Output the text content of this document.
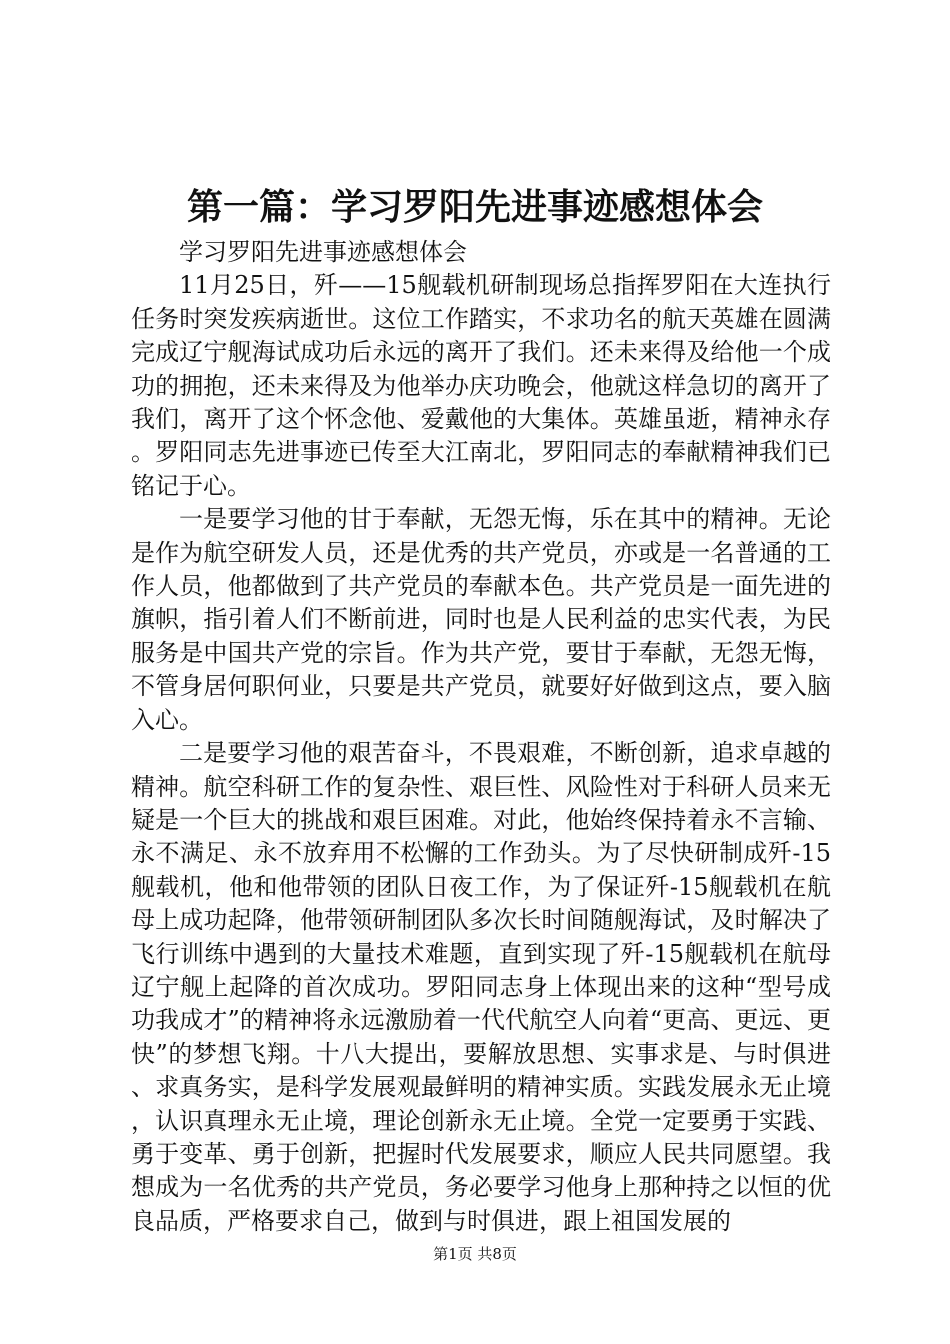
第一篇：学习罗阳先进事迹感想体会

学习罗阳先进事迹感想体会

11月25日，歼——15舰载机研制现场总指挥罗阳在大连执行任务时突发疾病逝世。这位工作踏实，不求功名的航天英雄在圆满完成辽宁舰海试成功后永远的离开了我们。还未来得及给他一个成功的拥抱，还未来得及为他举办庆功晚会，他就这样急切的离开了我们，离开了这个怀念他、爱戴他的大集体。英雄虽逝，精神永存。罗阳同志先进事迹已传至大江南北，罗阳同志的奉献精神我们已铭记于心。

一是要学习他的甘于奉献，无怨无悔，乐在其中的精神。无论是作为航空研发人员，还是优秀的共产党员，亦或是一名普通的工作人员，他都做到了共产党员的奉献本色。共产党员是一面先进的旗帜，指引着人们不断前进，同时也是人民利益的忠实代表，为民服务是中国共产党的宗旨。作为共产党，要甘于奉献，无怨无悔，不管身居何职何业，只要是共产党员，就要好好做到这点，要入脑入心。

二是要学习他的艰苦奋斗，不畏艰难，不断创新，追求卓越的精神。航空科研工作的复杂性、艰巨性、风险性对于科研人员来无疑是一个巨大的挑战和艰巨困难。对此，他始终保持着永不言输、永不满足、永不放弃用不松懈的工作劲头。为了尽快研制成歼-15舰载机，他和他带领的团队日夜工作，为了保证歼-15舰载机在航母上成功起降，他带领研制团队多次长时间随舰海试，及时解决了飞行训练中遇到的大量技术难题，直到实现了歼-15舰载机在航母辽宁舰上起降的首次成功。罗阳同志身上体现出来的这种“型号成功我成才”的精神将永远激励着一代代航空人向着“更高、更远、更快”的梦想飞翔。十八大提出，要解放思想、实事求是、与时俱进、求真务实，是科学发展观最鲜明的精神实质。实践发展永无止境，认识真理永无止境，理论创新永无止境。全党一定要勇于实践、勇于变革、勇于创新，把握时代发展要求，顺应人民共同愿望。我想成为一名优秀的共产党员，务必要学习他身上那种持之以恒的优良品质，严格要求自己，做到与时俱进，跟上祖国发展的

第1页 共8页
